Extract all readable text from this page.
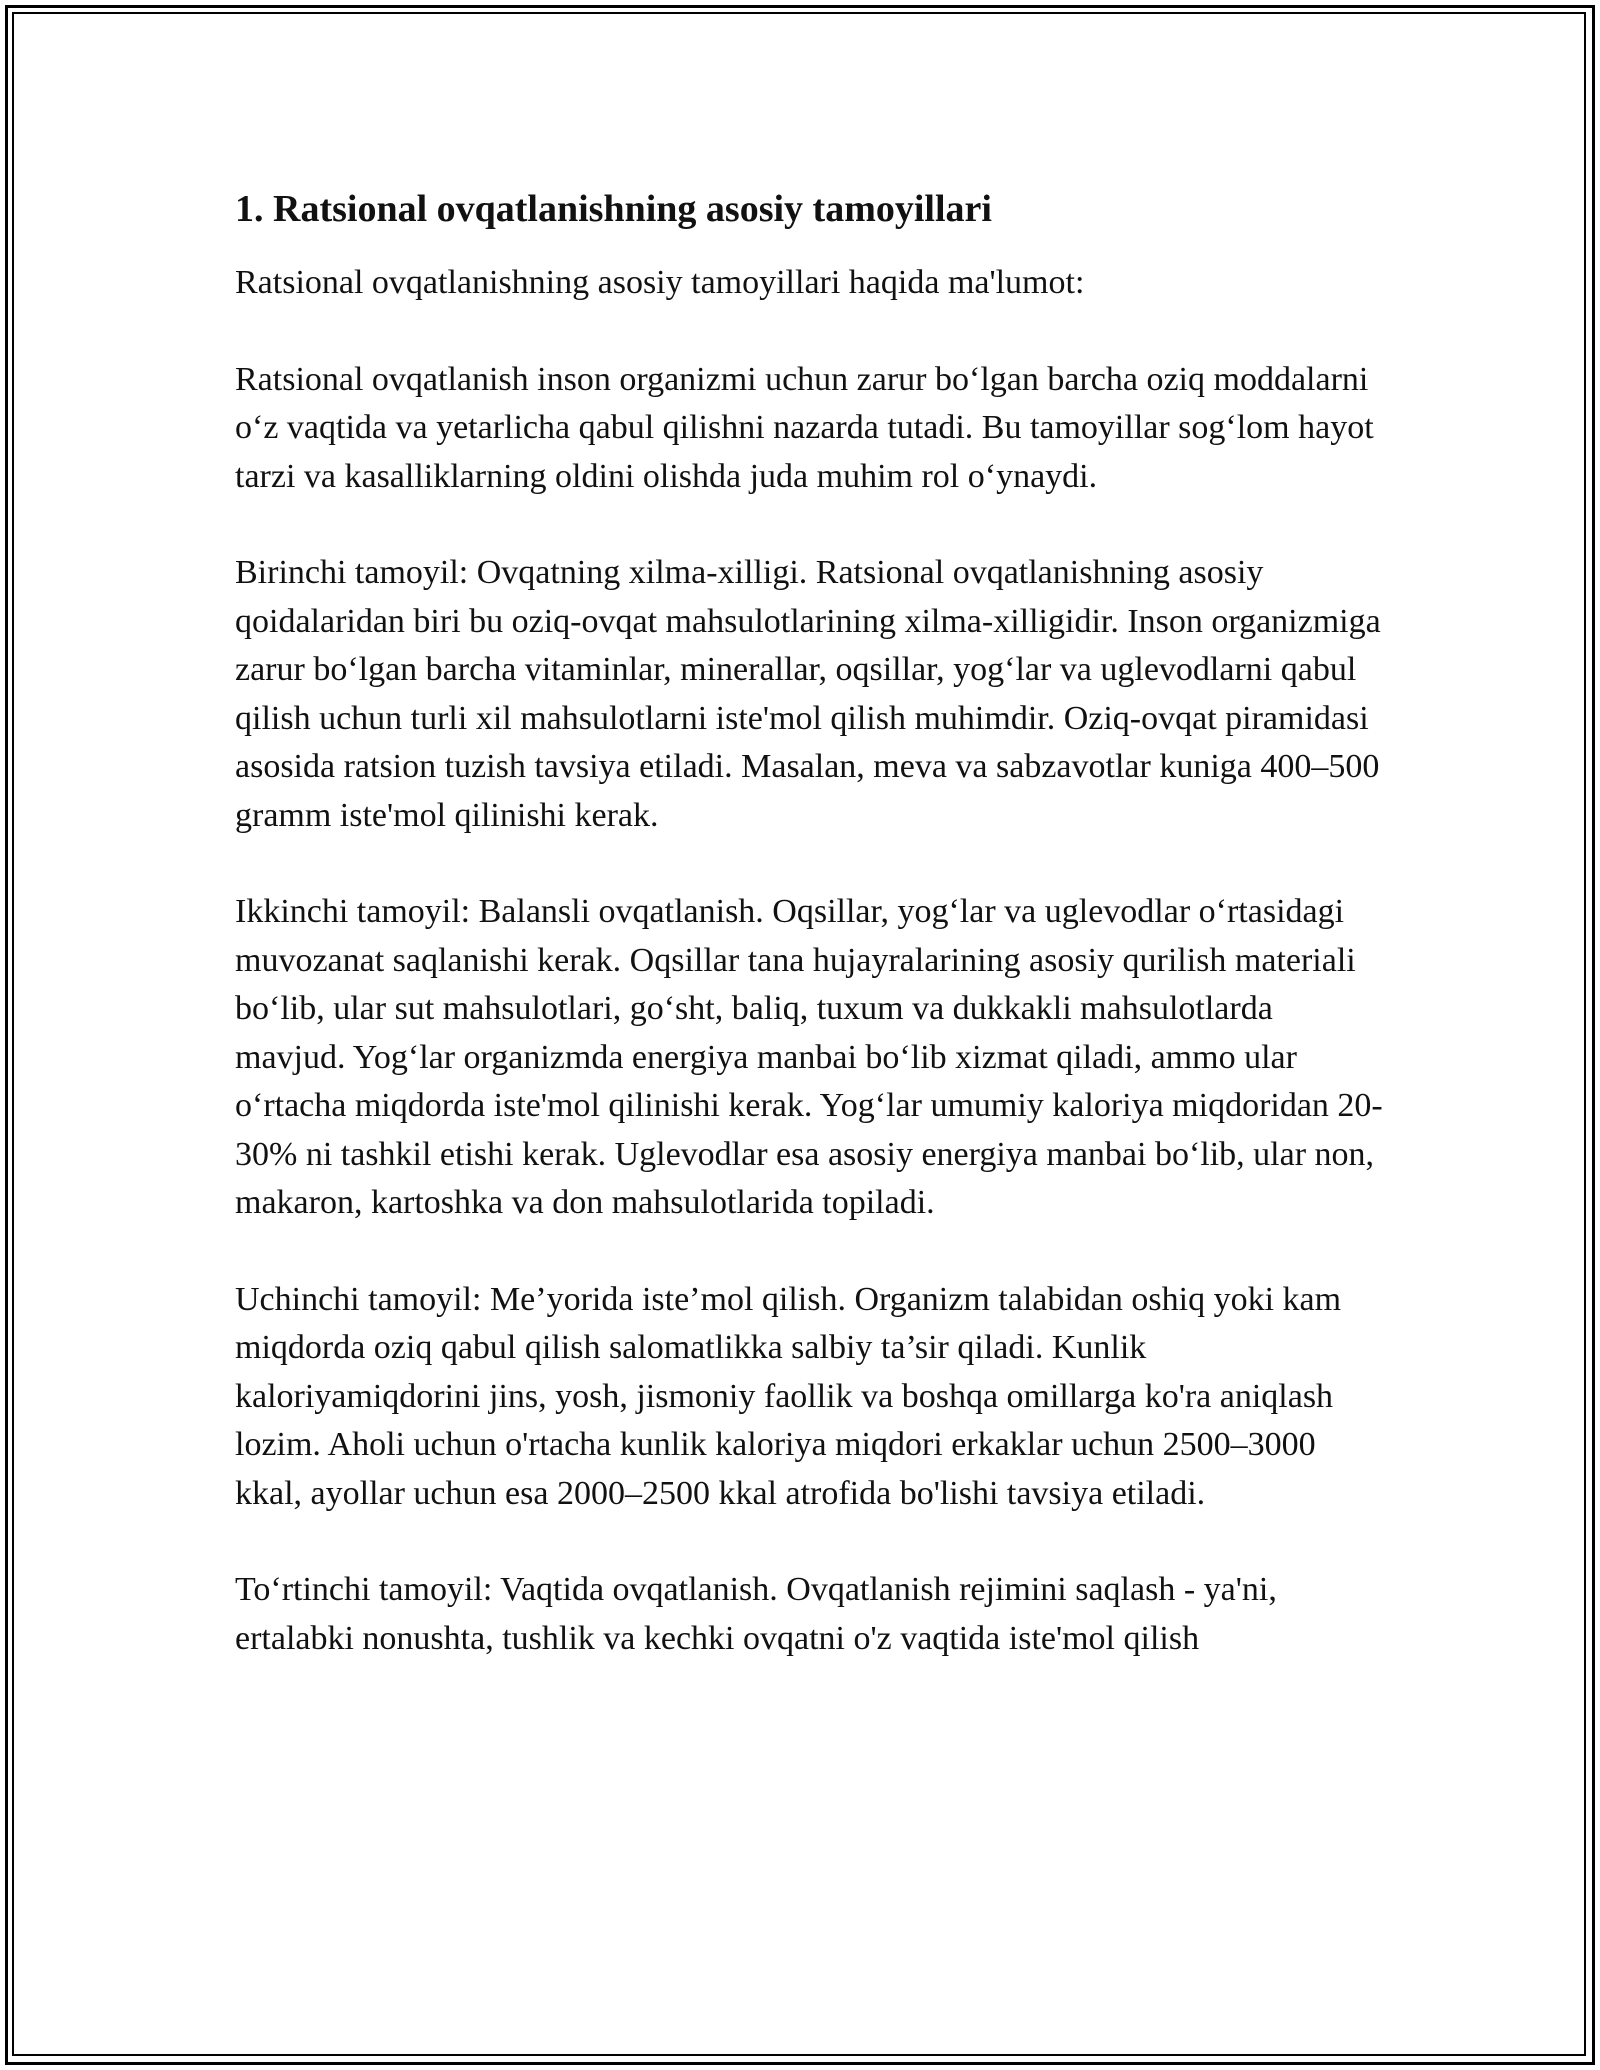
1. Ratsional ovqatlanishning asosiy tamoyillari

Ratsional ovqatlanishning asosiy tamoyillari haqida ma'lumot:

Ratsional ovqatlanish inson organizmi uchun zarur boʻlgan barcha oziq moddalarni oʻz vaqtida va yetarlicha qabul qilishni nazarda tutadi. Bu tamoyillar sogʻlom hayot tarzi va kasalliklarning oldini olishda juda muhim rol oʻynaydi.

Birinchi tamoyil: Ovqatning xilma-xilligi. Ratsional ovqatlanishning asosiy qoidalaridan biri bu oziq-ovqat mahsulotlarining xilma-xilligidir. Inson organizmiga zarur boʻlgan barcha vitaminlar, minerallar, oqsillar, yogʻlar va uglevodlarni qabul qilish uchun turli xil mahsulotlarni iste'mol qilish muhimdir. Oziq-ovqat piramidasi asosida ratsion tuzish tavsiya etiladi. Masalan, meva va sabzavotlar kuniga 400–500 gramm iste'mol qilinishi kerak.

Ikkinchi tamoyil: Balansli ovqatlanish. Oqsillar, yogʻlar va uglevodlar oʻrtasidagi muvozanat saqlanishi kerak. Oqsillar tana hujayralarining asosiy qurilish materiali boʻlib, ular sut mahsulotlari, goʻsht, baliq, tuxum va dukkakli mahsulotlarda mavjud. Yogʻlar organizmda energiya manbai boʻlib xizmat qiladi, ammo ular oʻrtacha miqdorda iste'mol qilinishi kerak. Yogʻlar umumiy kaloriya miqdoridan 20-30% ni tashkil etishi kerak. Uglevodlar esa asosiy energiya manbai boʻlib, ular non, makaron, kartoshka va don mahsulotlarida topiladi.

Uchinchi tamoyil: Me’yorida iste’mol qilish. Organizm talabidan oshiq yoki kam miqdorda oziq qabul qilish salomatlikka salbiy ta’sir qiladi. Kunlik kaloriyamiqdorini jins, yosh, jismoniy faollik va boshqa omillarga ko'ra aniqlash lozim. Aholi uchun o'rtacha kunlik kaloriya miqdori erkaklar uchun 2500–3000 kkal, ayollar uchun esa 2000–2500 kkal atrofida bo'lishi tavsiya etiladi.

Toʻrtinchi tamoyil: Vaqtida ovqatlanish. Ovqatlanish rejimini saqlash - ya'ni, ertalabki nonushta, tushlik va kechki ovqatni o'z vaqtida iste'mol qilish
